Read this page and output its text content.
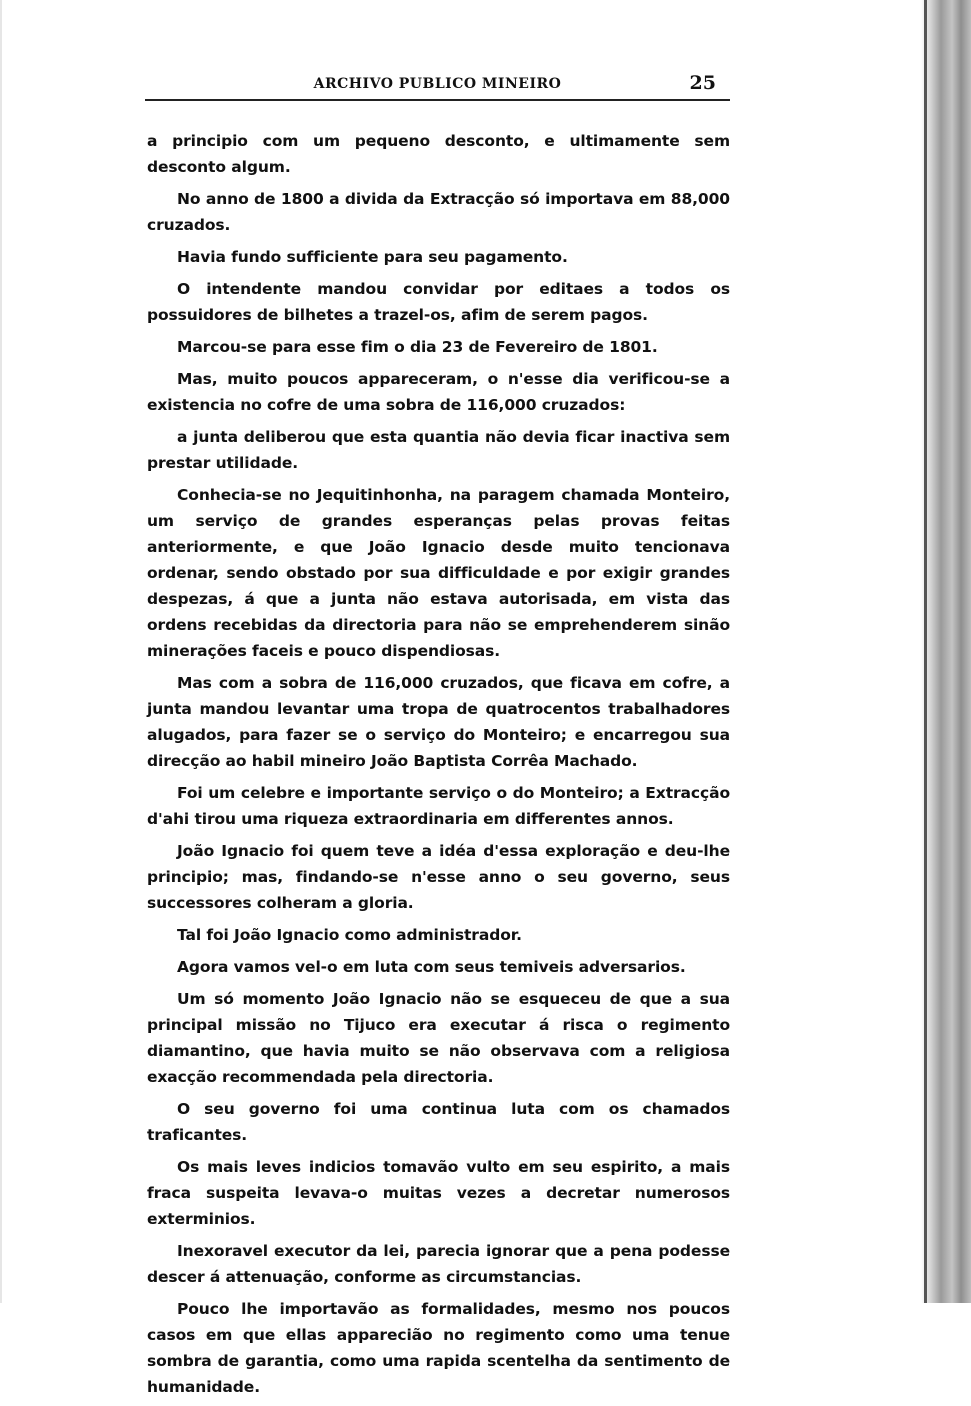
ARCHIVO PUBLICO MINEIRO	25

a principio com um pequeno desconto, e ultimamente sem desconto algum.

No anno de 1800 a divida da Extracção só importava em 88,000 cruzados.

Havia fundo sufficiente para seu pagamento.

O intendente mandou convidar por editaes a todos os possuidores de bilhetes a trazel-os, afim de serem pagos.

Marcou-se para esse fim o dia 23 de Fevereiro de 1801.

Mas, muito poucos appareceram, o n'esse dia verificou-se a existencia no cofre de uma sobra de 116,000 cruzados:

a junta deliberou que esta quantia não devia ficar inactiva sem prestar utilidade.

Conhecia-se no Jequitinhonha, na paragem chamada Monteiro, um serviço de grandes esperanças pelas provas feitas anteriormente, e que João Ignacio desde muito tencionava ordenar, sendo obstado por sua difficuldade e por exigir grandes despezas, á que a junta não estava autorisada, em vista das ordens recebidas da directoria para não se emprehenderem sinão minerações faceis e pouco dispendiosas.

Mas com a sobra de 116,000 cruzados, que ficava em cofre, a junta mandou levantar uma tropa de quatrocentos trabalhadores alugados, para fazer se o serviço do Monteiro; e encarregou sua direcção ao habil mineiro João Baptista Corrêa Machado.

Foi um celebre e importante serviço o do Monteiro; a Extracção d'ahi tirou uma riqueza extraordinaria em differentes annos.

João Ignacio foi quem teve a idéa d'essa exploração e deu-lhe principio; mas, findando-se n'esse anno o seu governo, seus successores colheram a gloria.

Tal foi João Ignacio como administrador.

Agora vamos vel-o em luta com seus temiveis adversarios.

Um só momento João Ignacio não se esqueceu de que a sua principal missão no Tijuco era executar á risca o regimento diamantino, que havia muito se não observava com a religiosa exacção recommendada pela directoria.

O seu governo foi uma continua luta com os chamados traficantes.

Os mais leves indicios tomavão vulto em seu espirito, a mais fraca suspeita levava-o muitas vezes a decretar numerosos exterminios.

Inexoravel executor da lei, parecia ignorar que a pena podesse descer á attenuação, conforme as circumstancias.

Pouco lhe importavão as formalidades, mesmo nos poucos casos em que ellas apparecião no regimento como uma tenue sombra de garantia, como uma rapida scentelha da sentimento de humanidade.
